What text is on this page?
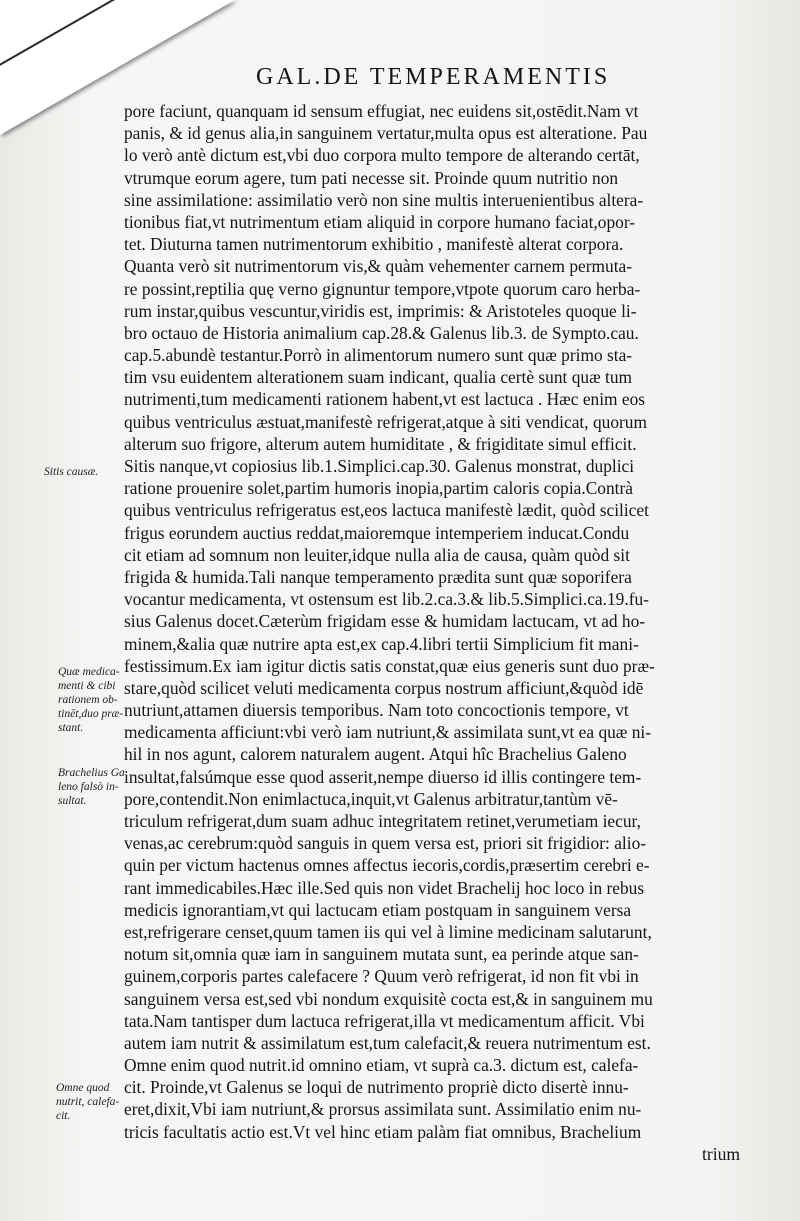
GAL.DE TEMPERAMENTIS
pore faciunt, quanquam id sensum effugiat, nec euidens sit,ostēdit.Nam vt
panis, & id genus alia,in sanguinem vertatur,multa opus est alteratione. Pau
lo verò antè dictum est,vbi duo corpora multo tempore de alterando certāt,
vtrumque eorum agere, tum pati necesse sit. Proinde quum nutritio non
sine assimilatione: assimilatio verò non sine multis interuenientibus altera-
tionibus fiat,vt nutrimentum etiam aliquid in corpore humano faciat,opor-
tet. Diuturna tamen nutrimentorum exhibitio , manifestè alterat corpora.
Quanta verò sit nutrimentorum vis,& quàm vehementer carnem permuta-
re possint,reptilia quę verno gignuntur tempore,vtpote quorum caro herba-
rum instar,quibus vescuntur,viridis est, imprimis: & Aristoteles quoque li-
bro octauo de Historia animalium cap.28.& Galenus lib.3. de Sympto.cau.
cap.5.abundè testantur.Porrò in alimentorum numero sunt quæ primo sta-
tim vsu euidentem alterationem suam indicant, qualia certè sunt quæ tum
nutrimenti,tum medicamenti rationem habent,vt est lactuca . Hæc enim eos
quibus ventriculus æstuat,manifestè refrigerat,atque à siti vendicat, quorum
alterum suo frigore, alterum autem humiditate , & frigiditate simul efficit.
Sitis nanque,vt copiosius lib.1.Simplici.cap.30. Galenus monstrat, duplici
ratione prouenire solet,partim humoris inopia,partim caloris copia.Contrà
quibus ventriculus refrigeratus est,eos lactuca manifestè lædit, quòd scilicet
frigus eorundem auctius reddat,maioremque intemperiem inducat.Condu
cit etiam ad somnum non leuiter,idque nulla alia de causa, quàm quòd sit
frigida & humida.Tali nanque temperamento prædita sunt quæ soporifera
vocantur medicamenta, vt ostensum est lib.2.ca.3.& lib.5.Simplici.ca.19.fu-
sius Galenus docet.Cæterùm frigidam esse & humidam lactucam, vt ad ho-
minem,&alia quæ nutrire apta est,ex cap.4.libri tertii Simplicium fit mani-
festissimum.Ex iam igitur dictis satis constat,quæ eius generis sunt duo præ-
stare,quòd scilicet veluti medicamenta corpus nostrum afficiunt,&quòd idē
nutriunt,attamen diuersis temporibus. Nam toto concoctionis tempore, vt
medicamenta afficiunt:vbi verò iam nutriunt,& assimilata sunt,vt ea quæ ni-
hil in nos agunt, calorem naturalem augent. Atqui hîc Brachelius Galeno
insultat,falsúmque esse quod asserit,nempe diuerso id illis contingere tem-
pore,contendit.Non enimlactuca,inquit,vt Galenus arbitratur,tantùm vē-
triculum refrigerat,dum suam adhuc integritatem retinet,verumetiam iecur,
venas,ac cerebrum:quòd sanguis in quem versa est, priori sit frigidior: alio-
quin per victum hactenus omnes affectus iecoris,cordis,præsertim cerebri e-
rant immedicabiles.Hæc ille.Sed quis non videt Brachelij hoc loco in rebus
medicis ignorantiam,vt qui lactucam etiam postquam in sanguinem versa
est,refrigerare censet,quum tamen iis qui vel à limine medicinam salutarunt,
notum sit,omnia quæ iam in sanguinem mutata sunt, ea perinde atque san-
guinem,corporis partes calefacere ? Quum verò refrigerat, id non fit vbi in
sanguinem versa est,sed vbi nondum exquisitè cocta est,& in sanguinem mu
tata.Nam tantisper dum lactuca refrigerat,illa vt medicamentum afficit. Vbi
autem iam nutrit & assimilatum est,tum calefacit,& reuera nutrimentum est.
Omne enim quod nutrit.id omnino etiam, vt suprà ca.3. dictum est, calefa-
cit. Proinde,vt Galenus se loqui de nutrimento propriè dicto disertè innu-
eret,dixit,Vbi iam nutriunt,& prorsus assimilata sunt. Assimilatio enim nu-
tricis facultatis actio est.Vt vel hinc etiam palàm fiat omnibus, Brachelium
trium
Sitis causæ.
Quæ medica-
menti & cibi
rationem ob-
tinēt,duo præ-
stant.
Brachelius Ga
leno falsò in-
sultat.
Omne quod
nutrit, calefa-
cit.
